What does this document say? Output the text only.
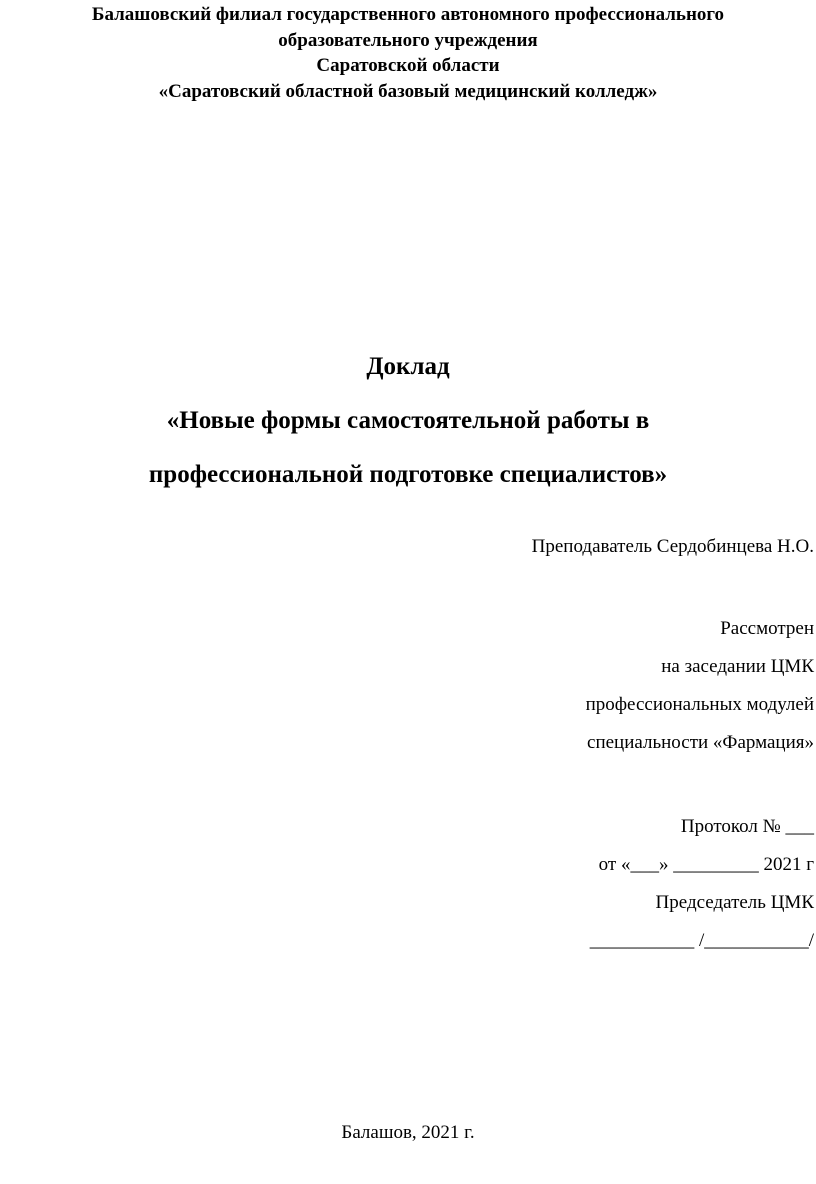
Балашовский филиал государственного автономного профессионального
образовательного учреждения
Саратовской области
«Саратовский областной базовый медицинский колледж»
Доклад
«Новые формы самостоятельной работы в
профессиональной подготовке специалистов»
Преподаватель Сердобинцева Н.О.
Рассмотрен
на заседании ЦМК
профессиональных модулей
специальности «Фармация»
Протокол № ___
от «___» _________ 2021 г
Председатель ЦМК
___________ /___________/
Балашов, 2021 г.
